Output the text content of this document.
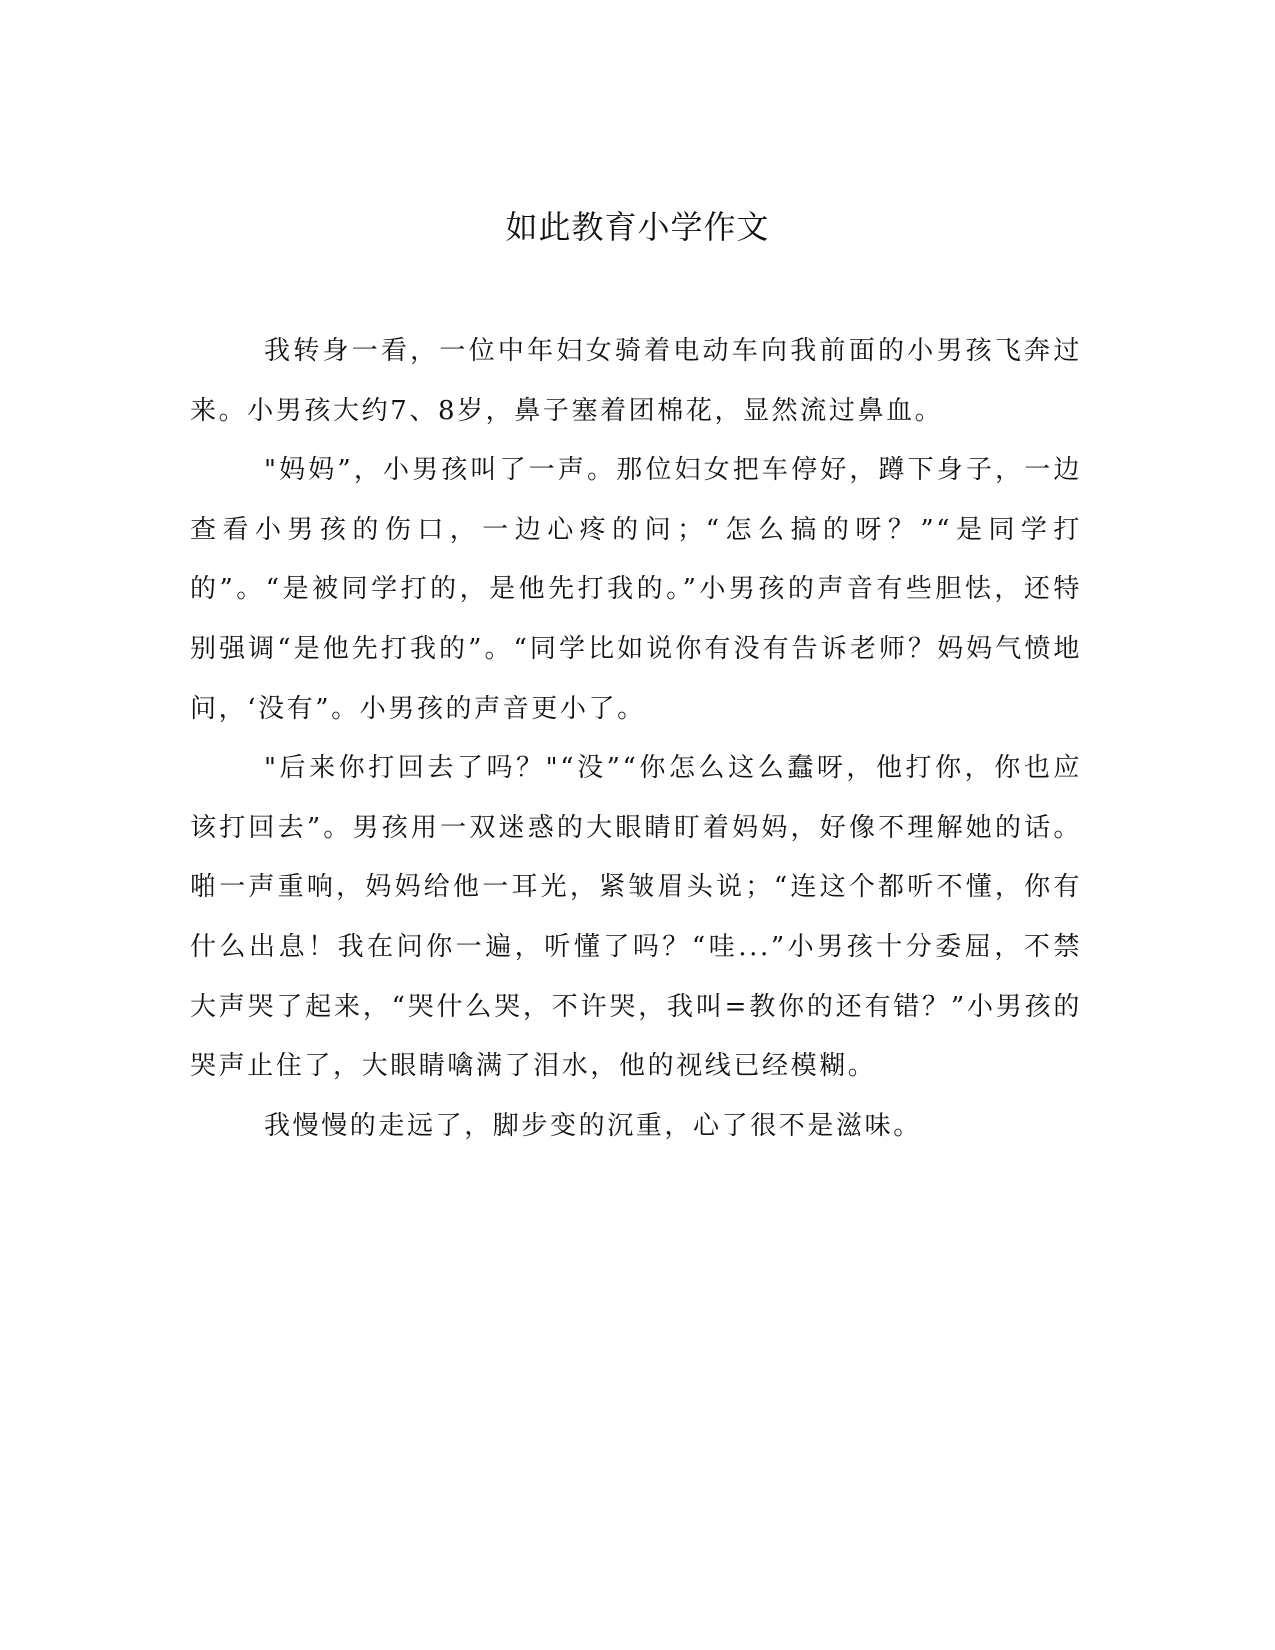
如此教育小学作文

我转身一看，一位中年妇女骑着电动车向我前面的小男孩飞奔过来。小男孩大约7、8岁，鼻子塞着团棉花，显然流过鼻血。

"妈妈”，小男孩叫了一声。那位妇女把车停好，蹲下身子，一边查看小男孩的伤口，一边心疼的问；“怎么搞的呀？”“是同学打的”。“是被同学打的，是他先打我的。”小男孩的声音有些胆怯，还特别强调“是他先打我的”。“同学比如说你有没有告诉老师？妈妈气愤地问，‘没有”。小男孩的声音更小了。

"后来你打回去了吗？"“没”“你怎么这么蠢呀，他打你，你也应该打回去”。男孩用一双迷惑的大眼睛盯着妈妈，好像不理解她的话。啪一声重响，妈妈给他一耳光，紧皱眉头说；“连这个都听不懂，你有什么出息！我在问你一遍，听懂了吗？“哇...”小男孩十分委屈，不禁大声哭了起来，“哭什么哭，不许哭，我叫=教你的还有错？”小男孩的哭声止住了，大眼睛噙满了泪水，他的视线已经模糊。

我慢慢的走远了，脚步变的沉重，心了很不是滋味。
